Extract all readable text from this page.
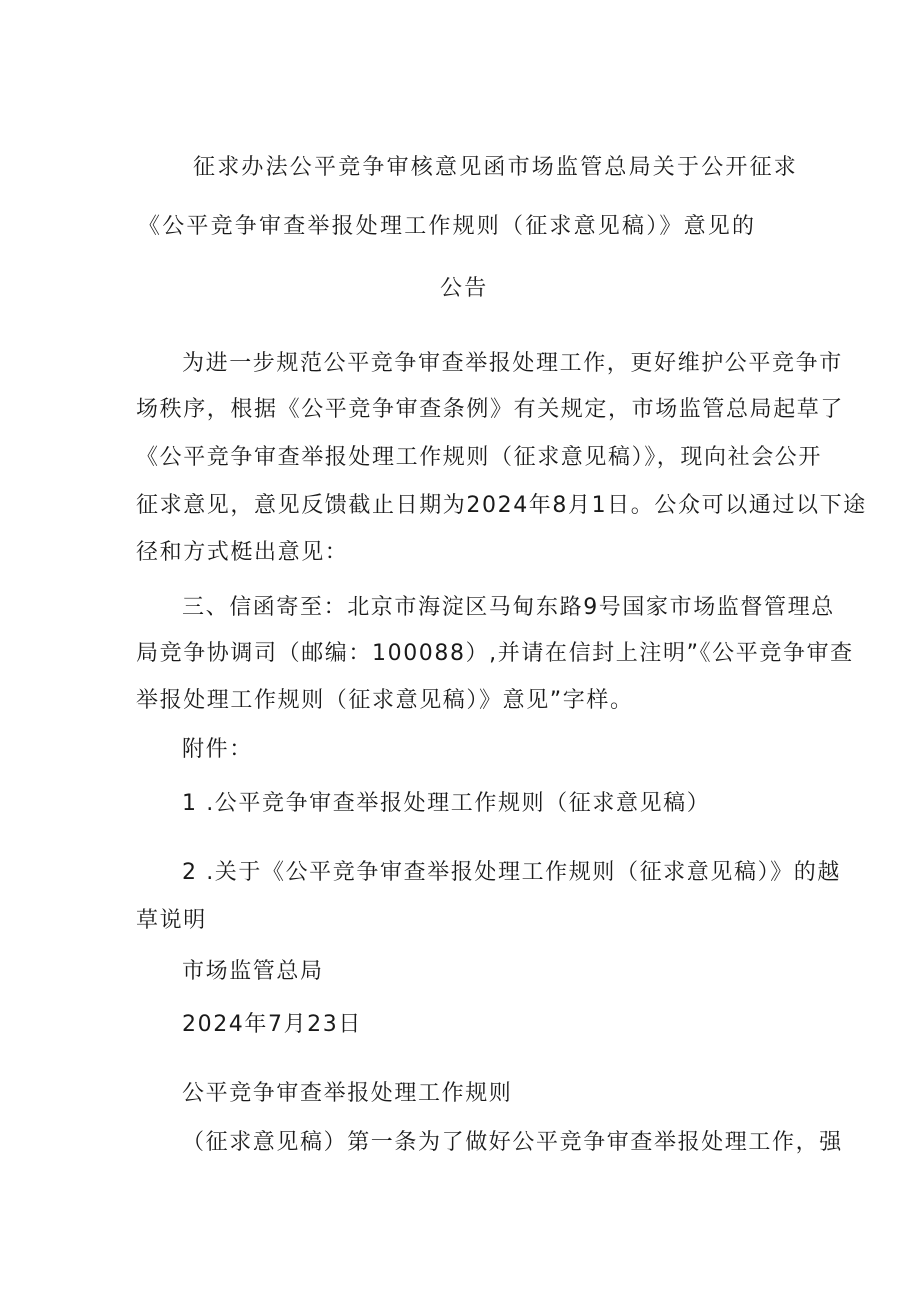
征求办法公平竞争审核意见函市场监管总局关于公开征求
《公平竞争审查举报处理工作规则（征求意见稿）》意见的
公告
为进一步规范公平竞争审查举报处理工作，更好维护公平竞争市
场秩序，根据《公平竞争审查条例》有关规定，市场监管总局起草了
《公平竞争审查举报处理工作规则（征求意见稿）》，现向社会公开
征求意见，意见反馈截止日期为2024年8月1日。公众可以通过以下途
径和方式梃出意见：
三、信函寄至：北京市海淀区马甸东路9号国家市场监督管理总
局竞争协调司（邮编：100088）,并请在信封上注明”《公平竞争审查
举报处理工作规则（征求意见稿）》意见”字样。
附件：
1 .公平竞争审查举报处理工作规则（征求意见稿）
2 .关于《公平竞争审查举报处理工作规则（征求意见稿）》的越
草说明
市场监管总局
2024年7月23日
公平竞争审查举报处理工作规则
（征求意见稿）第一条为了做好公平竞争审查举报处理工作，强
